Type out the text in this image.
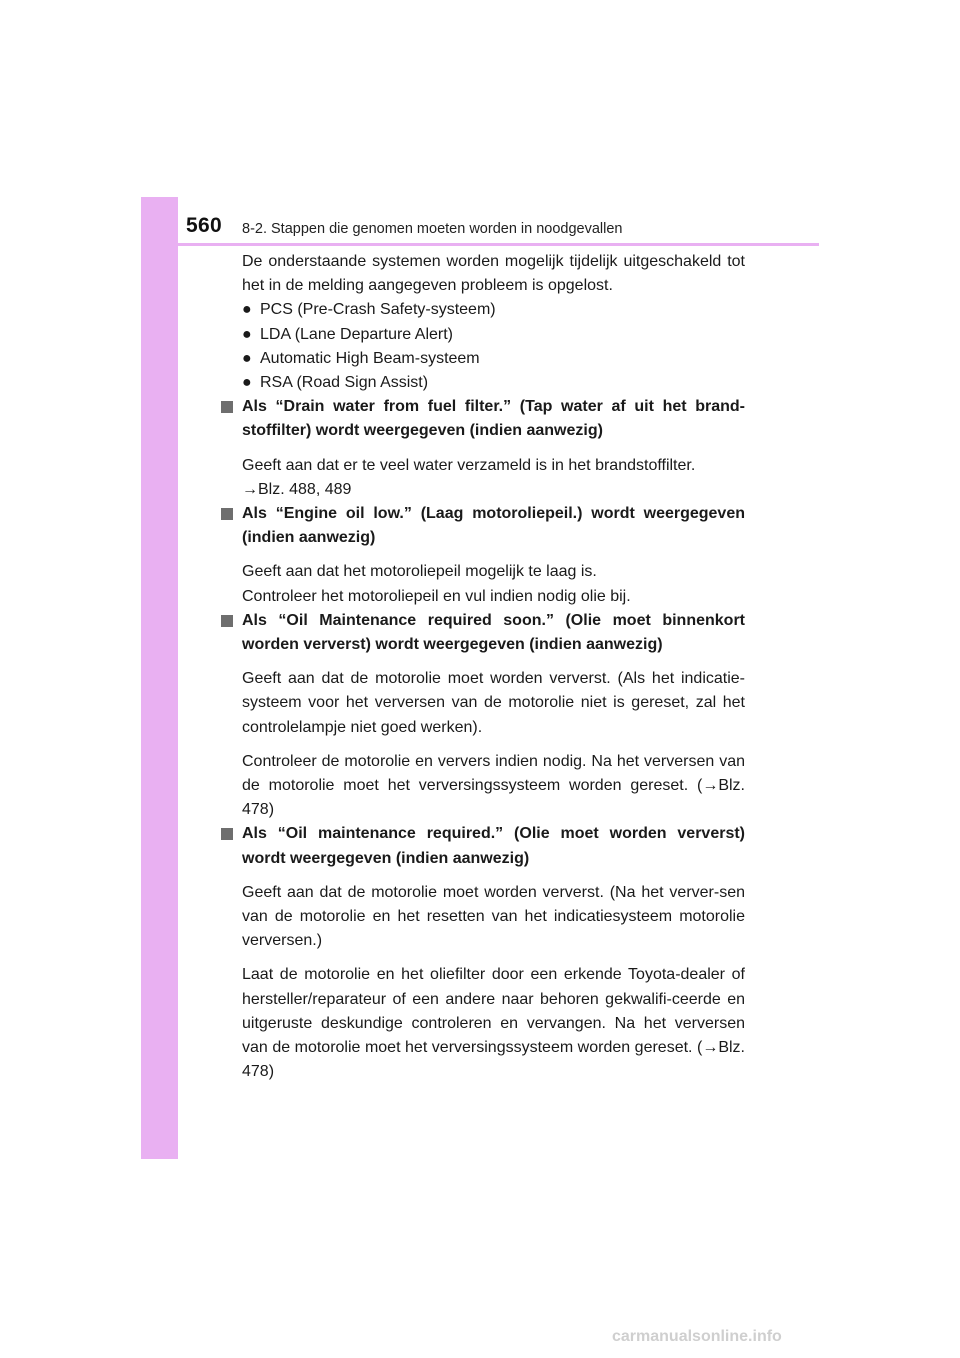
560 8-2. Stappen die genomen moeten worden in noodgevallen

De onderstaande systemen worden mogelijk tijdelijk uitgeschakeld tot het in de melding aangegeven probleem is opgelost.

● PCS (Pre-Crash Safety-systeem)
● LDA (Lane Departure Alert)
● Automatic High Beam-systeem
● RSA (Road Sign Assist)
Als “Drain water from fuel filter.” (Tap water af uit het brand-stoffilter) wordt weergegeven (indien aanwezig)

Geeft aan dat er te veel water verzameld is in het brandstoffilter.

→Blz. 488, 489

Als “Engine oil low.” (Laag motoroliepeil.) wordt weergegeven (indien aanwezig)

Geeft aan dat het motoroliepeil mogelijk te laag is.

Controleer het motoroliepeil en vul indien nodig olie bij.

Als “Oil Maintenance required soon.” (Olie moet binnenkort worden ververst) wordt weergegeven (indien aanwezig)

Geeft aan dat de motorolie moet worden ververst. (Als het indicatie-systeem voor het verversen van de motorolie niet is gereset, zal het controlelampje niet goed werken).

Controleer de motorolie en ververs indien nodig. Na het verversen van de motorolie moet het verversingssysteem worden gereset. (→Blz. 478)

Als “Oil maintenance required.” (Olie moet worden ververst) wordt weergegeven (indien aanwezig)

Geeft aan dat de motorolie moet worden ververst. (Na het verver-sen van de motorolie en het resetten van het indicatiesysteem motorolie verversen.)

Laat de motorolie en het oliefilter door een erkende Toyota-dealer of hersteller/reparateur of een andere naar behoren gekwalifi-ceerde en uitgeruste deskundige controleren en vervangen. Na het verversen van de motorolie moet het verversingssysteem worden gereset. (→Blz. 478)

carmanualsonline.info
